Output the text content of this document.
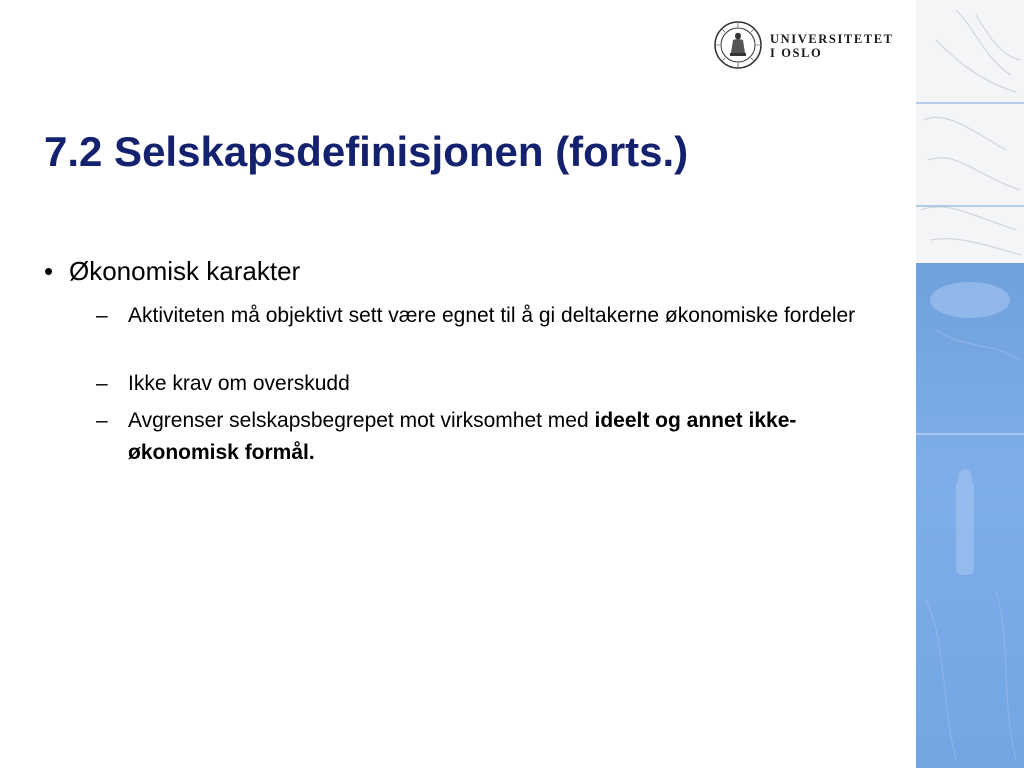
UNIVERSITETET
I OSLO
7.2 Selskapsdefinisjonen (forts.)
• Økonomisk karakter
– Aktiviteten må objektivt sett være egnet til å gi deltakerne økonomiske fordeler
– Ikke krav om overskudd
– Avgrenser selskapsbegrepet mot virksomhet med ideelt og annet ikke-økonomisk formål.
